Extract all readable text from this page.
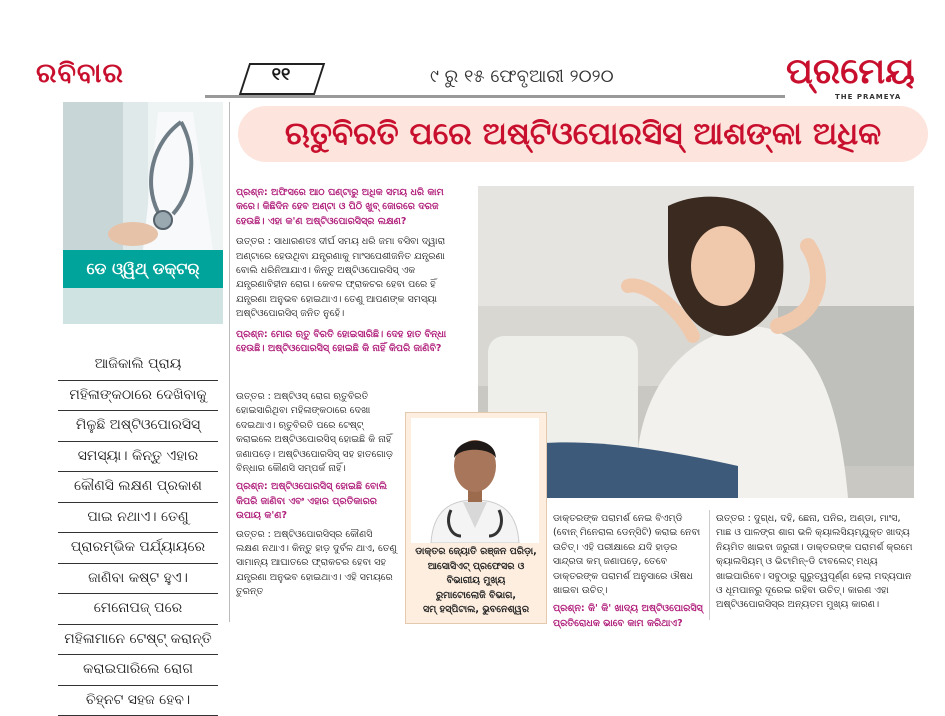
ରବିବାର	୧୧	୯ ରୁ ୧୫ ଫେବୃଆରୀ ୨୦୨୦	ପ୍ରମେୟ
THE PRAMEYA
ଡେ ଓ୍ୱିଥ୍ ଡକ୍ଟର୍
ଆଜିକାଲି ପ୍ରାୟ
ମହିଳାଙ୍କଠାରେ ଦେଖିବାକୁ
ମିଳୁଛି ଅଷ୍ଟିଓପୋରସିସ୍
ସମସ୍ୟା। କିନ୍ତୁ ଏହାର
କୌଣସି ଲକ୍ଷଣ ପ୍ରକାଶ
ପାଇ ନଥାଏ। ତେଣୁ
ପ୍ରାରମ୍ଭିକ ପର୍ଯ୍ୟାୟରେ
ଜାଣିବା କଷ୍ଟ ହୁଏ।
ମେନୋପଜ୍ ପରେ
ମହିଳାମାନେ ଟେଷ୍ଟ୍ କରାନ୍ତି
କରାଇପାରିଲେ ରୋଗ
ଚିହ୍ନଟ ସହଜ ହେବ।
ଋତୁବିରତି ପରେ ଅଷ୍ଟିଓପୋରସିସ୍ ଆଶଙ୍କା ଅଧିକ
ପ୍ରଶ୍ନ: ଅଫିସରେ ଆଠ ଘଣ୍ଟାରୁ ଅଧିକ ସମୟ ଧରି କାମ କରେ। କିଛିଦିନ ହେବ ଅଣ୍ଟା ଓ ପିଠି ଖୁବ୍ ଜୋରରେ ଦରଜ ହେଉଛି। ଏହା କ'ଣ ଅଷ୍ଟିଓପୋରସିସ୍‌ର ଲକ୍ଷଣ?
ଉତ୍ତର : ସାଧାରଣତଃ ଦୀର୍ଘ ସମୟ ଧରି ଜମା ବସିବା ଦ୍ୱାରା ଅଣ୍ଟାରେ ହେଉଥିବା ଯନ୍ତ୍ରଣାକୁ ମାଂସପେଶୀଜନିତ ଯନ୍ତ୍ରଣା ବୋଲି ଧରିନିଆଯାଏ। କିନ୍ତୁ ଅଷ୍ଟିଓପୋରସିସ୍ ଏକ ଯନ୍ତ୍ରଣାବିହୀନ ରୋଗ। କେବଳ ଫ୍ରାକଚର ହେବା ପରେ ହିଁ ଯନ୍ତ୍ରଣା ଅନୁଭବ ହୋଇଥାଏ। ତେଣୁ ଆପଣଙ୍କ ସମସ୍ୟା ଅଷ୍ଟିଓପୋରସିସ୍ ଜନିତ ନୁହେଁ।
ପ୍ରଶ୍ନ: ମୋର ଋତୁ ବିରତି ହୋଇସାରିଛି। ଦେହ ହାତ ବିନ୍ଧା ହେଉଛି। ଅଷ୍ଟିଓପୋରସିସ୍ ହୋଇଛି କି ନାହିଁ କିପରି ଜାଣିବି?
ଉତ୍ତର : ଅଷ୍ଟିଓସ୍ ରୋଗ ଋତୁବିରତି ହୋଇସାରିଥିବା ମହିଳାଙ୍କଠାରେ ଦେଖା ଦେଇଥାଏ। ଋତୁବିରତି ପରେ ଟେଷ୍ଟ୍ କରାଇଲେ ଅଷ୍ଟିଓପୋରସିସ୍ ହୋଇଛି କି ନାହିଁ ଜଣାପଡ଼େ। ଅଷ୍ଟିଓପୋରସିସ୍ ସହ ହାତଗୋଡ଼ ବିନ୍ଧାର କୌଣସି ସମ୍ପର୍କ ନାହିଁ।
ପ୍ରଶ୍ନ: ଅଷ୍ଟିଓପୋରସିସ୍ ହୋଇଛି ବୋଲି କିପରି ଜାଣିବା ଏବଂ ଏହାର ପ୍ରତିକାରର ଉପାୟ କ'ଣ?
ଉତ୍ତର : ଅଷ୍ଟିଓପୋରସିସ୍‌ର କୌଣସି ଲକ୍ଷଣ ନଥାଏ। କିନ୍ତୁ ହାଡ଼ ଦୁର୍ବଳ ଥାଏ, ତେଣୁ ସାମାନ୍ୟ ଆଘାତରେ ଫ୍ରାକଚର ହେବା ସହ ଯନ୍ତ୍ରଣା ଅନୁଭବ ହୋଇଥାଏ। ଏହି ସମୟରେ ତୁରନ୍ତ
ଡାକ୍ତର ଜ୍ୟୋତି ରଞ୍ଜନ ପରିଡ଼ା,
ଆସୋସିଏଟ୍ ପ୍ରଫେସର ଓ
ବିଭାଗୀୟ ମୁଖ୍ୟ
ରୁମାଟୋଲୋଜି ବିଭାଗ,
ସମ୍ ହସ୍ପିଟାଲ, ଭୁବନେଶ୍ୱର
ଡାକ୍ତରଙ୍କ ପରାମର୍ଶ ନେଇ ବିଏମ୍‌ଡି (ବୋନ୍ ମିନେରାଲ ଡେନ୍ସିଟି) କରାଇ ନେବା ଉଚିତ୍। ଏହି ପରୀକ୍ଷାରେ ଯଦି ହାଡ଼ର ସାନ୍ଦ୍ରତା କମ୍ ଜଣାପଡ଼େ, ତେବେ ଡାକ୍ତରଙ୍କ ପରାମର୍ଶ ଅନୁସାରେ ଔଷଧ ଖାଇବା ଉଚିତ୍।
ପ୍ରଶ୍ନ: କି' କି' ଖାଦ୍ୟ ଅଷ୍ଟିଓପୋରସିସ୍ ପ୍ରତିରୋଧକ ଭାବେ କାମ କରିଥାଏ?
ଉତ୍ତର : ଦୁଗ୍ଧ, ଦହି, ଛେନା, ପନିର, ଅଣ୍ଡା, ମାଂସ, ମାଛ ଓ ପାଳଙ୍ଗ ଶାଗ ଭଳି କ୍ୟାଲସିୟମ୍‌ଯୁକ୍ତ ଖାଦ୍ୟ ନିୟମିତ ଖାଇବା ଜରୁରୀ। ଡାକ୍ତରଙ୍କ ପରାମର୍ଶ କ୍ରମେ କ୍ୟାଲସିୟମ୍ ଓ ଭିଟାମିନ୍-ଡି ଟାବଲେଟ୍ ମଧ୍ୟ ଖାଇପାରିବେ। ସବୁଠାରୁ ଗୁରୁତ୍ୱପୂର୍ଣ୍ଣ ହେଲା ମଦ୍ୟପାନ ଓ ଧୂମପାନରୁ ଦୂରେଇ ରହିବା ଉଚିତ୍। କାରଣ ଏହା ଅଷ୍ଟିଓପୋରସିସ୍‌ର ଅନ୍ୟତମ ମୁଖ୍ୟ କାରଣ।
